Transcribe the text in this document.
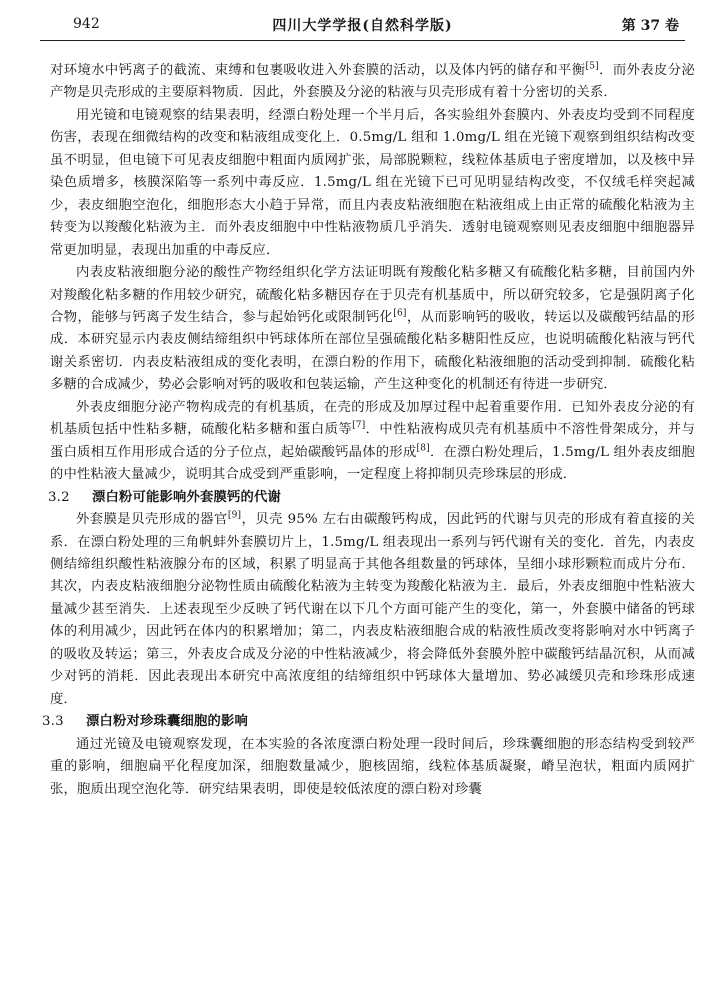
942	四川大学学报(自然科学版)	第 37 卷

对环境水中钙离子的截流、束缚和包裹吸收进入外套膜的活动，以及体内钙的储存和平衡[5]．而外表皮分泌产物是贝壳形成的主要原料物质．因此，外套膜及分泌的粘液与贝壳形成有着十分密切的关系．

用光镜和电镜观察的结果表明，经漂白粉处理一个半月后，各实验组外套膜内、外表皮均受到不同程度伤害，表现在细微结构的改变和粘液组成变化上．0.5mg/L 组和 1.0mg/L 组在光镜下观察到组织结构改变虽不明显，但电镜下可见表皮细胞中粗面内质网扩张，局部脱颗粒，线粒体基质电子密度增加，以及核中异染色质增多，核膜深陷等一系列中毒反应．1.5mg/L 组在光镜下已可见明显结构改变，不仅绒毛样突起减少，表皮细胞空泡化，细胞形态大小趋于异常，而且内表皮粘液细胞在粘液组成上由正常的硫酸化粘液为主转变为以羧酸化粘液为主．而外表皮细胞中中性粘液物质几乎消失．透射电镜观察则见表皮细胞中细胞器异常更加明显，表现出加重的中毒反应．

内表皮粘液细胞分泌的酸性产物经组织化学方法证明既有羧酸化粘多糖又有硫酸化粘多糖，目前国内外对羧酸化粘多糖的作用较少研究，硫酸化粘多糖因存在于贝壳有机基质中，所以研究较多，它是强阴离子化合物，能够与钙离子发生结合，参与起始钙化或限制钙化[6]，从而影响钙的吸收，转运以及碳酸钙结晶的形成．本研究显示内表皮侧结缔组织中钙球体所在部位呈强硫酸化粘多糖阳性反应，也说明硫酸化粘液与钙代谢关系密切．内表皮粘液组成的变化表明，在漂白粉的作用下，硫酸化粘液细胞的活动受到抑制．硫酸化粘多糖的合成减少，势必会影响对钙的吸收和包装运输，产生这种变化的机制还有待进一步研究．

外表皮细胞分泌产物构成壳的有机基质，在壳的形成及加厚过程中起着重要作用．已知外表皮分泌的有机基质包括中性粘多糖，硫酸化粘多糖和蛋白质等[7]．中性粘液构成贝壳有机基质中不溶性骨架成分，并与蛋白质相互作用形成合适的分子位点，起始碳酸钙晶体的形成[8]．在漂白粉处理后，1.5mg/L 组外表皮细胞的中性粘液大量减少，说明其合成受到严重影响，一定程度上将抑制贝壳珍珠层的形成．

3.2 漂白粉可能影响外套膜钙的代谢

外套膜是贝壳形成的器官[9]，贝壳 95% 左右由碳酸钙构成，因此钙的代谢与贝壳的形成有着直接的关系．在漂白粉处理的三角帆蚌外套膜切片上，1.5mg/L 组表现出一系列与钙代谢有关的变化．首先，内表皮侧结缔组织酸性粘液腺分布的区域，积累了明显高于其他各组数量的钙球体，呈细小球形颗粒而成片分布．其次，内表皮粘液细胞分泌物性质由硫酸化粘液为主转变为羧酸化粘液为主．最后，外表皮细胞中性粘液大量减少甚至消失．上述表现至少反映了钙代谢在以下几个方面可能产生的变化，第一，外套膜中储备的钙球体的利用减少，因此钙在体内的积累增加；第二，内表皮粘液细胞合成的粘液性质改变将影响对水中钙离子的吸收及转运；第三，外表皮合成及分泌的中性粘液减少，将会降低外套膜外腔中碳酸钙结晶沉积，从而减少对钙的消耗．因此表现出本研究中高浓度组的结缔组织中钙球体大量增加、势必减缓贝壳和珍珠形成速度．

3.3 漂白粉对珍珠囊细胞的影响

通过光镜及电镜观察发现，在本实验的各浓度漂白粉处理一段时间后，珍珠囊细胞的形态结构受到较严重的影响，细胞扁平化程度加深，细胞数量减少，胞核固缩，线粒体基质凝聚，嵴呈泡状，粗面内质网扩张，胞质出现空泡化等．研究结果表明，即使是较低浓度的漂白粉对珍囊
